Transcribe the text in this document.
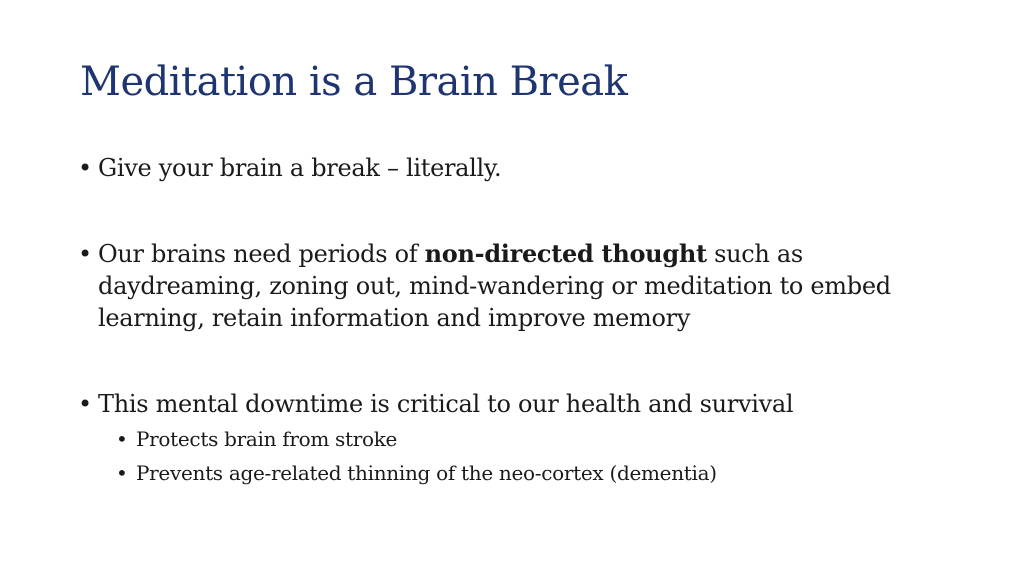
Meditation is a Brain Break
• Give your brain a break – literally.
• Our brains need periods of non-directed thought such as daydreaming, zoning out, mind-wandering or meditation to embed learning, retain information and improve memory
• This mental downtime is critical to our health and survival
• Protects brain from stroke
• Prevents age-related thinning of the neo-cortex (dementia)
